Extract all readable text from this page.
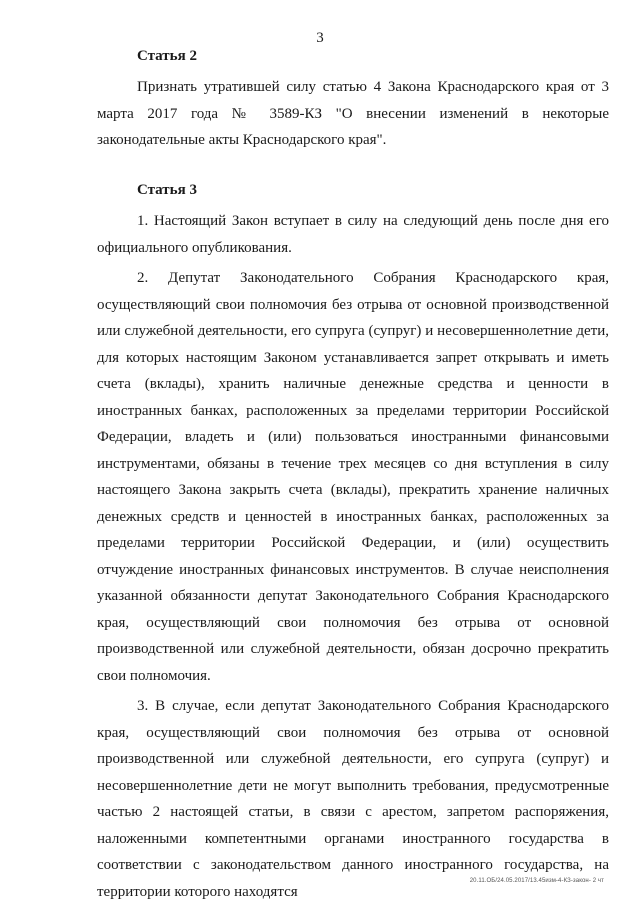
3
Статья 2

Признать утратившей силу статью 4 Закона Краснодарского края от 3 марта 2017 года № 3589-КЗ "О внесении изменений в некоторые законодательные акты Краснодарского края".

Статья 3

1. Настоящий Закон вступает в силу на следующий день после дня его официального опубликования.

2. Депутат Законодательного Собрания Краснодарского края, осуществляющий свои полномочия без отрыва от основной производственной или служебной деятельности, его супруга (супруг) и несовершеннолетние дети, для которых настоящим Законом устанавливается запрет открывать и иметь счета (вклады), хранить наличные денежные средства и ценности в иностранных банках, расположенных за пределами территории Российской Федерации, владеть и (или) пользоваться иностранными финансовыми инструментами, обязаны в течение трех месяцев со дня вступления в силу настоящего Закона закрыть счета (вклады), прекратить хранение наличных денежных средств и ценностей в иностранных банках, расположенных за пределами территории Российской Федерации, и (или) осуществить отчуждение иностранных финансовых инструментов. В случае неисполнения указанной обязанности депутат Законодательного Собрания Краснодарского края, осуществляющий свои полномочия без отрыва от основной производственной или служебной деятельности, обязан досрочно прекратить свои полномочия.

3. В случае, если депутат Законодательного Собрания Краснодарского края, осуществляющий свои полномочия без отрыва от основной производственной или служебной деятельности, его супруга (супруг) и несовершеннолетние дети не могут выполнить требования, предусмотренные частью 2 настоящей статьи, в связи с арестом, запретом распоряжения, наложенными компетентными органами иностранного государства в соответствии с законодательством данного иностранного государства, на территории которого находятся

20.11.ОБ/24.05.2017/13.45изм-4-КЗ-закон- 2 чт
